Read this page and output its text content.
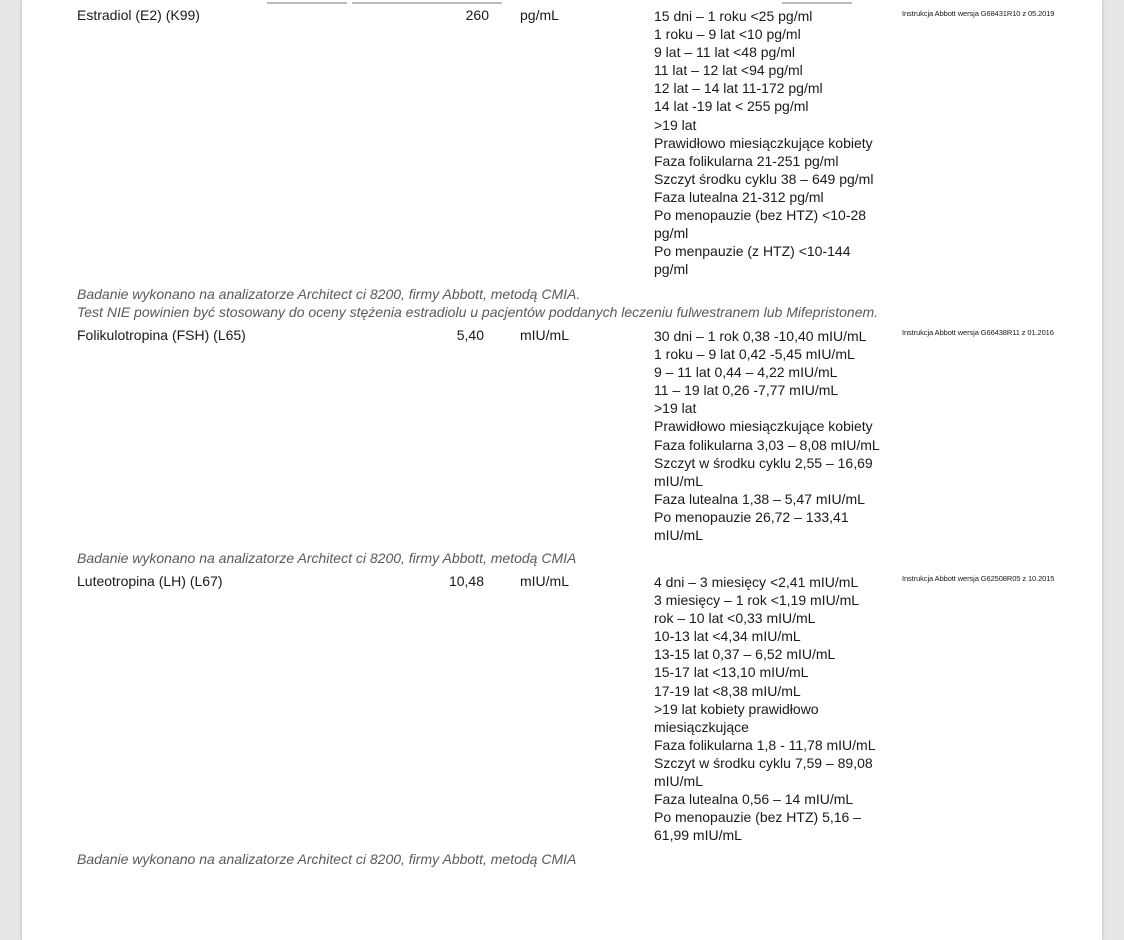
Estradiol (E2) (K99)	260 pg/mL	15 dni – 1 roku <25 pg/ml
1 roku – 9 lat <10 pg/ml
9 lat – 11 lat <48 pg/ml
11 lat – 12 lat <94 pg/ml
12 lat – 14 lat 11-172 pg/ml
14 lat -19 lat < 255 pg/ml
>19 lat
Prawidłowo miesiączkujące kobiety
Faza folikularna 21-251 pg/ml
Szczyt środku cyklu 38 – 649 pg/ml
Faza lutealna 21-312 pg/ml
Po menopauzie (bez HTZ) <10-28
pg/ml
Po menpauzie (z HTZ) <10-144
pg/ml
Instrukcja Abbott wersja G68431R10 z 05.2019
Badanie wykonano na analizatorze Architect ci 8200, firmy Abbott, metodą CMIA.
Test NIE powinien być stosowany do oceny stężenia estradiolu u pacjentów poddanych leczeniu fulwestranem lub Mifepristonem.
Folikulotropina (FSH) (L65)	5,40	mIU/mL	30 dni – 1 rok 0,38 -10,40 mIU/mL
1 roku – 9 lat 0,42 -5,45 mIU/mL
9 – 11 lat 0,44 – 4,22 mIU/mL
11 – 19 lat 0,26 -7,77 mIU/mL
>19 lat
Prawidłowo miesiączkujące kobiety
Faza folikularna 3,03 – 8,08 mIU/mL
Szczyt w środku cyklu 2,55 – 16,69
mIU/mL
Faza lutealna 1,38 – 5,47 mIU/mL
Po menopauzie 26,72 – 133,41
mIU/mL
Instrukcja Abbott wersja G66438R11 z 01.2016
Badanie wykonano na analizatorze Architect ci 8200, firmy Abbott, metodą CMIA
Luteotropina (LH) (L67)	10,48	mIU/mL	4 dni – 3 miesięcy <2,41 mIU/mL
3 miesięcy – 1 rok <1,19 mIU/mL
rok – 10 lat <0,33 mIU/mL
10-13 lat <4,34 mIU/mL
13-15 lat 0,37 – 6,52 mIU/mL
15-17 lat <13,10 mIU/mL
17-19 lat <8,38 mIU/mL
>19 lat kobiety prawidłowo
miesiączkujące
Faza folikularna 1,8 - 11,78 mIU/mL
Szczyt w środku cyklu 7,59 – 89,08
mIU/mL
Faza lutealna 0,56 – 14 mIU/mL
Po menopauzie (bez HTZ) 5,16 –
61,99 mIU/mL
Instrukcja Abbott wersja G62508R05 z 10.2015
Badanie wykonano na analizatorze Architect ci 8200, firmy Abbott, metodą CMIA
